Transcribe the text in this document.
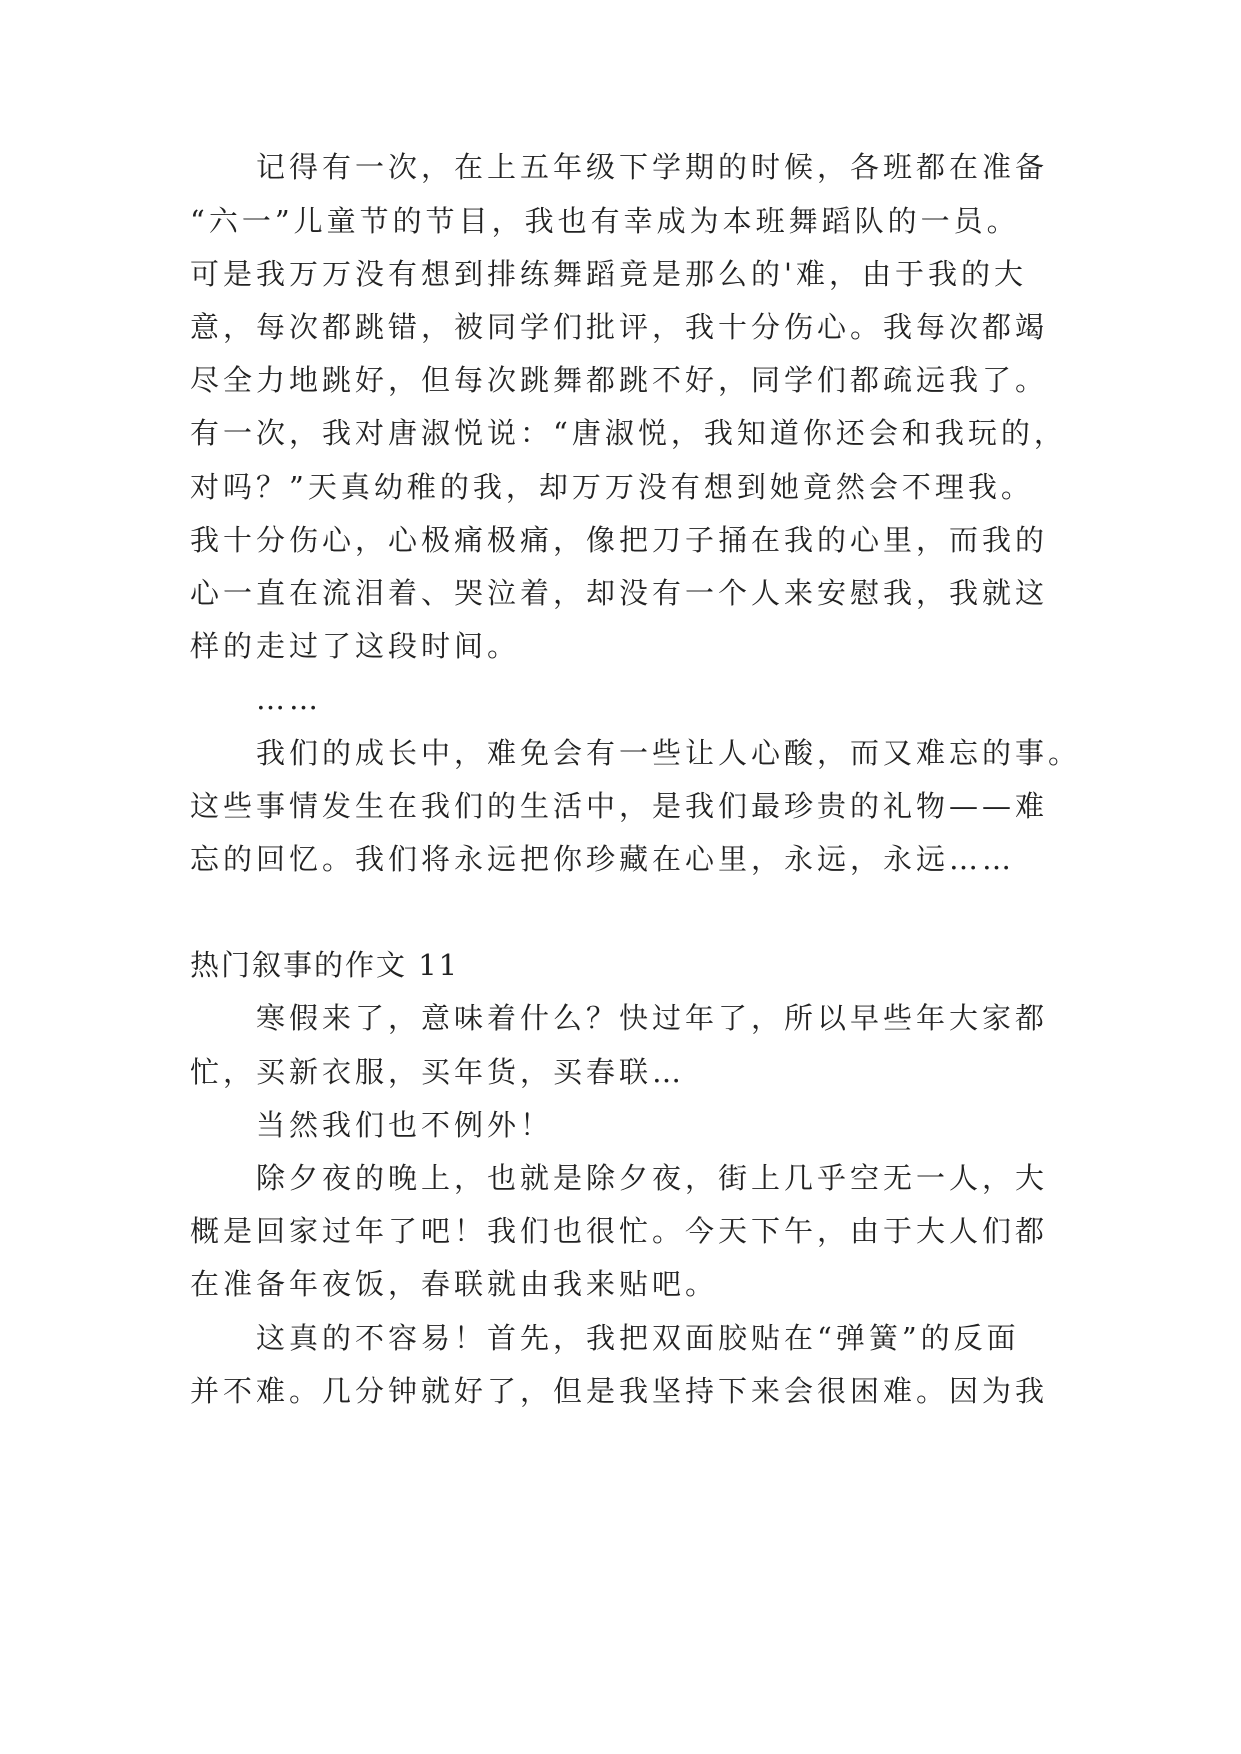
记得有一次，在上五年级下学期的时候，各班都在准备
“六一”儿童节的节目，我也有幸成为本班舞蹈队的一员。
可是我万万没有想到排练舞蹈竟是那么的'难，由于我的大
意，每次都跳错，被同学们批评，我十分伤心。我每次都竭
尽全力地跳好，但每次跳舞都跳不好，同学们都疏远我了。
有一次，我对唐淑悦说：“唐淑悦，我知道你还会和我玩的，
对吗？”天真幼稚的我，却万万没有想到她竟然会不理我。
我十分伤心，心极痛极痛，像把刀子捅在我的心里，而我的
心一直在流泪着、哭泣着，却没有一个人来安慰我，我就这
样的走过了这段时间。
……
我们的成长中，难免会有一些让人心酸，而又难忘的事。
这些事情发生在我们的生活中，是我们最珍贵的礼物——难
忘的回忆。我们将永远把你珍藏在心里，永远，永远……
热门叙事的作文 11
寒假来了，意味着什么？快过年了，所以早些年大家都
忙，买新衣服，买年货，买春联…
当然我们也不例外！
除夕夜的晚上，也就是除夕夜，街上几乎空无一人，大
概是回家过年了吧！我们也很忙。今天下午，由于大人们都
在准备年夜饭，春联就由我来贴吧。
这真的不容易！首先，我把双面胶贴在“弹簧”的反面
并不难。几分钟就好了，但是我坚持下来会很困难。因为我
